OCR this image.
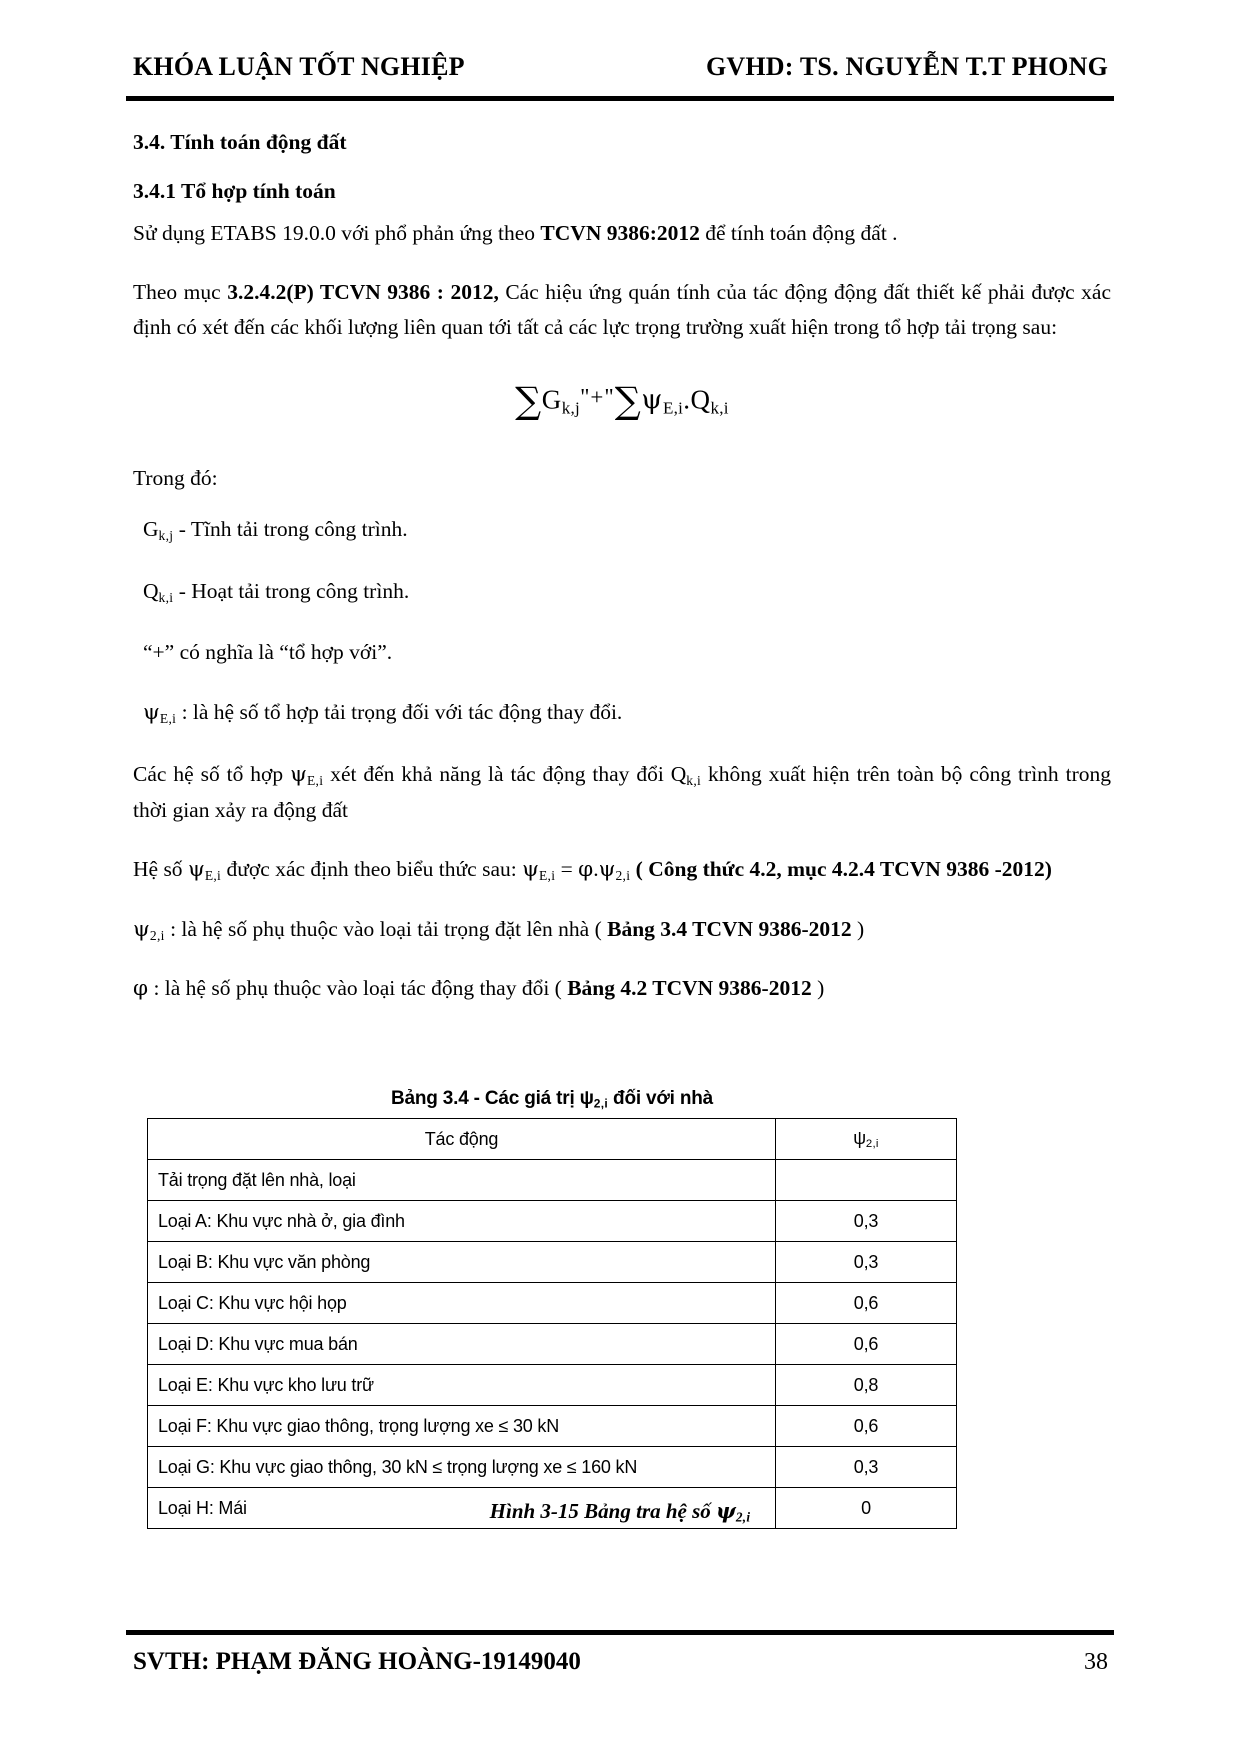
KHÓA LUẬN TỐT NGHIỆP	GVHD: TS. NGUYỄN T.T PHONG
3.4. Tính toán động đất
3.4.1 Tổ hợp tính toán

Sử dụng ETABS 19.0.0 với phổ phản ứng theo TCVN 9386:2012 để tính toán động đất .

Theo mục 3.2.4.2(P) TCVN 9386 : 2012, Các hiệu ứng quán tính của tác động động đất thiết kế phải được xác định có xét đến các khối lượng liên quan tới tất cả các lực trọng trường xuất hiện trong tổ hợp tải trọng sau:

$\sum G_{k,j}"+"\sum\psi_{E,i}.Q_{k,i}$

Trong đó:

$G_{k,j}$ - Tĩnh tải trong công trình.
$Q_{k,i}$ - Hoạt tải trong công trình.
“+” có nghĩa là “tổ hợp với”.
$\psi_{E,i}$ : là hệ số tổ hợp tải trọng đối với tác động thay đổi.

Các hệ số tổ hợp $\psi_{E,i}$ xét đến khả năng là tác động thay đổi $Q_{k,i}$ không xuất hiện trên toàn bộ công trình trong thời gian xảy ra động đất

Hệ số $\psi_{E,i}$ được xác định theo biểu thức sau: $\psi_{E,i} = \varphi.\psi_{2,i}$ ( Công thức 4.2, mục 4.2.4 TCVN 9386 -2012)

$\psi_{2,i}$ : là hệ số phụ thuộc vào loại tải trọng đặt lên nhà ( Bảng 3.4 TCVN 9386-2012 )

φ : là hệ số phụ thuộc vào loại tác động thay đổi ( Bảng 4.2 TCVN 9386-2012 )

Bảng 3.4 - Các giá trị $\psi_{2,i}$ đối với nhà
Tác động	$\psi_{2,i}$
Tải trọng đặt lên nhà, loại	
Loại A: Khu vực nhà ở, gia đình	0,3
Loại B: Khu vực văn phòng	0,3
Loại C: Khu vực hội họp	0,6
Loại D: Khu vực mua bán	0,6
Loại E: Khu vực kho lưu trữ	0,8
Loại F: Khu vực giao thông, trọng lượng xe ≤ 30 kN	0,6
Loại G: Khu vực giao thông, 30 kN ≤ trọng lượng xe ≤ 160 kN	0,3
Loại H: Mái	0
Hình 3-15 Bảng tra hệ số $\psi_{2,i}$
SVTH: PHẠM ĐĂNG HOÀNG-19149040	38
